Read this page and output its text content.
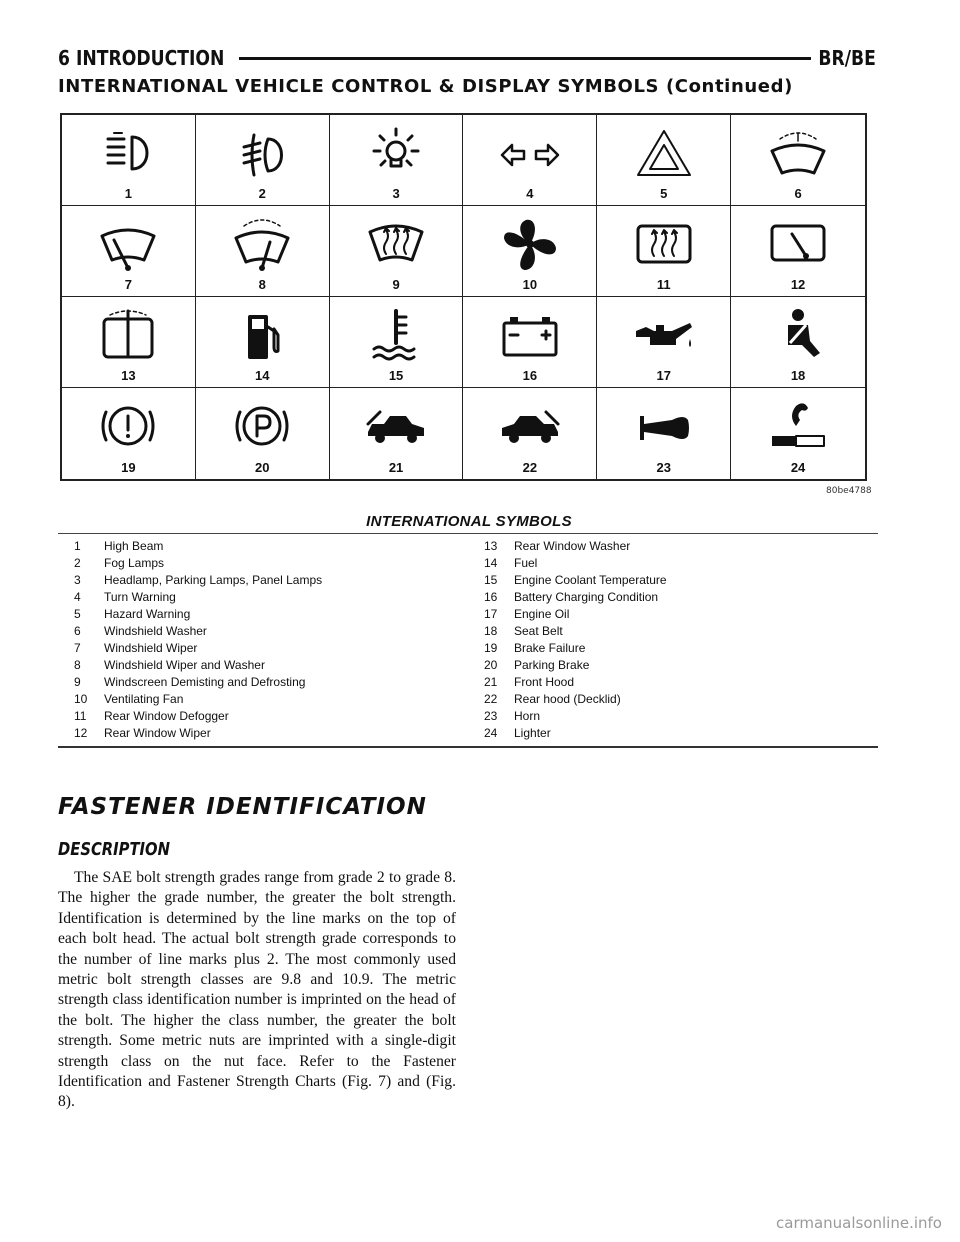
6 INTRODUCTION	BR/BE
INTERNATIONAL VEHICLE CONTROL & DISPLAY SYMBOLS (Continued)
1	2	3	4	5	6
7	8	9	10	11	12
13	14	15	16	17	18
19	20	21	22	23	24
80be4788
INTERNATIONAL SYMBOLS
1	High Beam
2	Fog Lamps
3	Headlamp, Parking Lamps, Panel Lamps
4	Turn Warning
5	Hazard Warning
6	Windshield Washer
7	Windshield Wiper
8	Windshield Wiper and Washer
9	Windscreen Demisting and Defrosting
10	Ventilating Fan
11	Rear Window Defogger
12	Rear Window Wiper
13	Rear Window Washer
14	Fuel
15	Engine Coolant Temperature
16	Battery Charging Condition
17	Engine Oil
18	Seat Belt
19	Brake Failure
20	Parking Brake
21	Front Hood
22	Rear hood (Decklid)
23	Horn
24	Lighter
FASTENER IDENTIFICATION
DESCRIPTION
The SAE bolt strength grades range from grade 2 to grade 8. The higher the grade number, the greater the bolt strength. Identification is determined by the line marks on the top of each bolt head. The actual bolt strength grade corresponds to the number of line marks plus 2. The most commonly used metric bolt strength classes are 9.8 and 10.9. The metric strength class identification number is imprinted on the head of the bolt. The higher the class number, the greater the bolt strength. Some metric nuts are imprinted with a single-digit strength class on the nut face. Refer to the Fastener Identification and Fastener Strength Charts (Fig. 7) and (Fig. 8).
carmanualsonline.info
